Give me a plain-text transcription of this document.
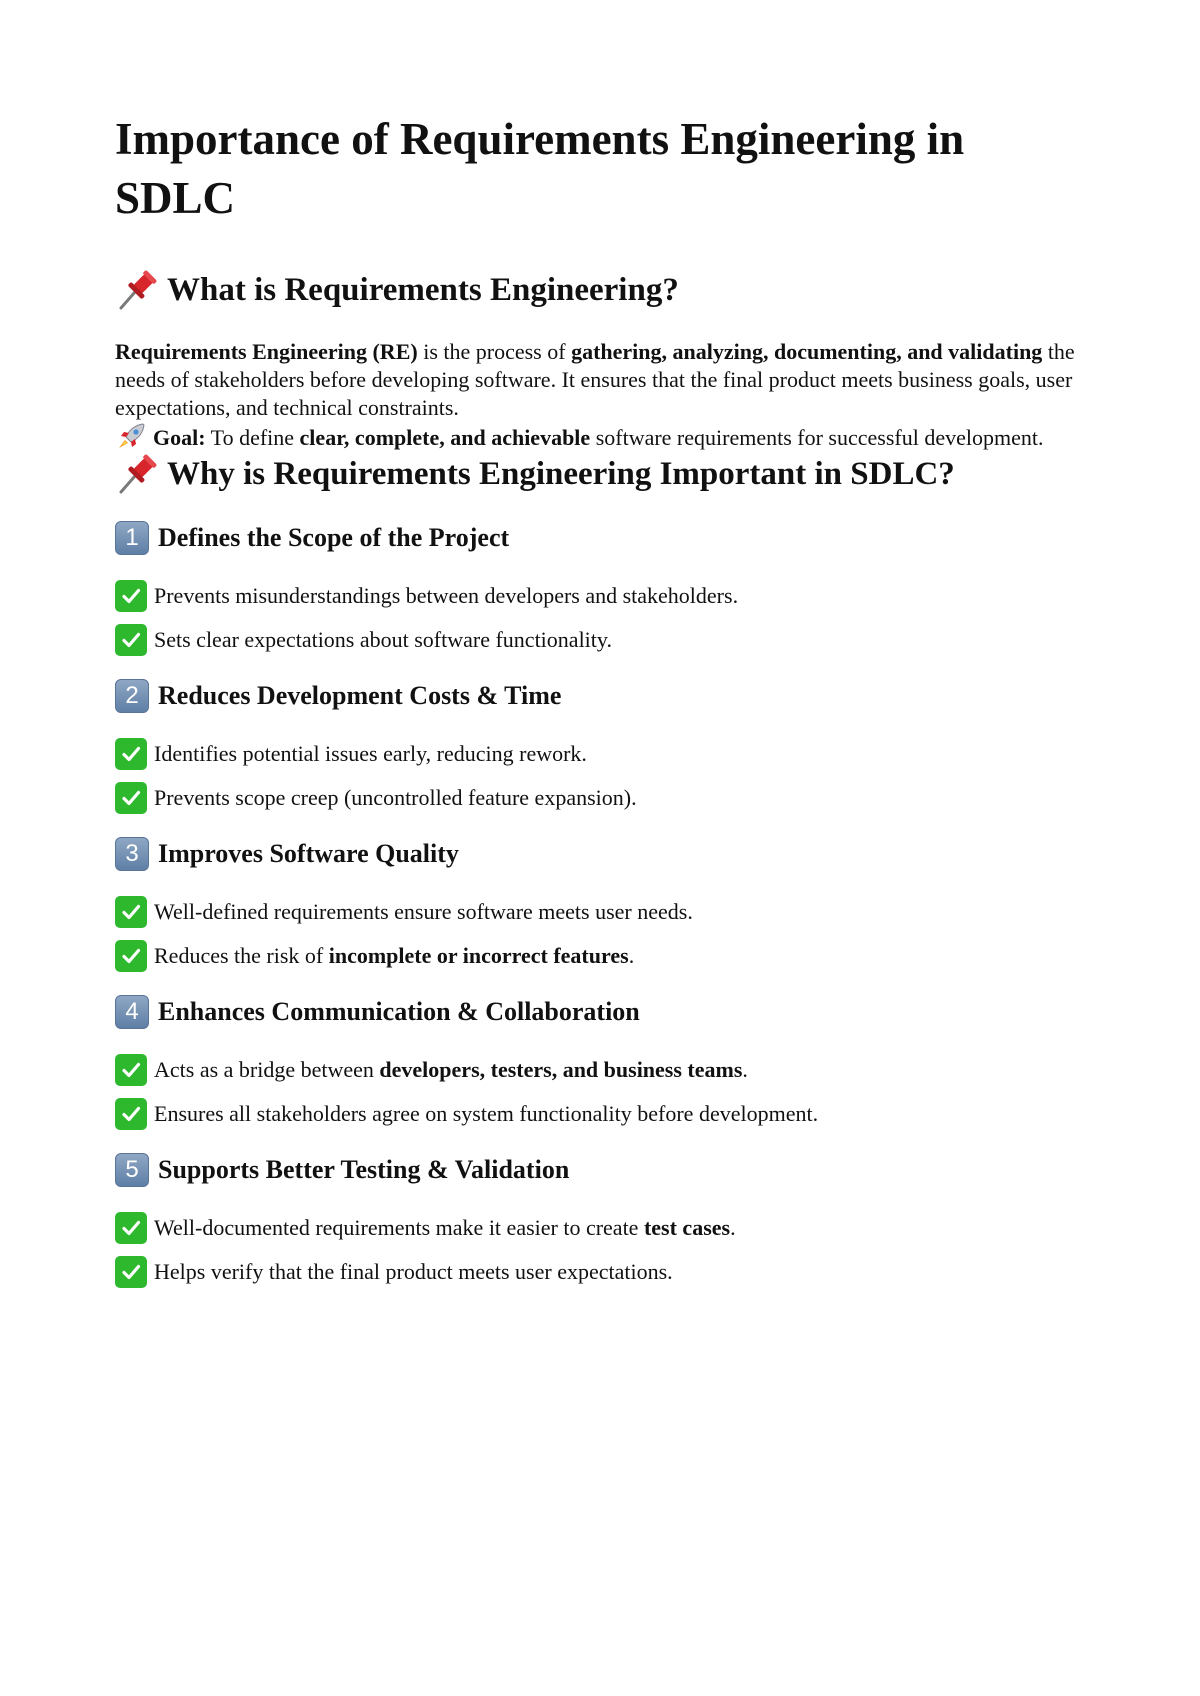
Importance of Requirements Engineering in SDLC
What is Requirements Engineering?

Requirements Engineering (RE) is the process of gathering, analyzing, documenting, and validating the needs of stakeholders before developing software. It ensures that the final product meets business goals, user expectations, and technical constraints.

Goal: To define clear, complete, and achievable software requirements for successful development.

Why is Requirements Engineering Important in SDLC?
1 Defines the Scope of the Project
Prevents misunderstandings between developers and stakeholders.
Sets clear expectations about software functionality.
2 Reduces Development Costs & Time
Identifies potential issues early, reducing rework.
Prevents scope creep (uncontrolled feature expansion).
3 Improves Software Quality
Well-defined requirements ensure software meets user needs.
Reduces the risk of incomplete or incorrect features.
4 Enhances Communication & Collaboration
Acts as a bridge between developers, testers, and business teams.
Ensures all stakeholders agree on system functionality before development.
5 Supports Better Testing & Validation
Well-documented requirements make it easier to create test cases.
Helps verify that the final product meets user expectations.
